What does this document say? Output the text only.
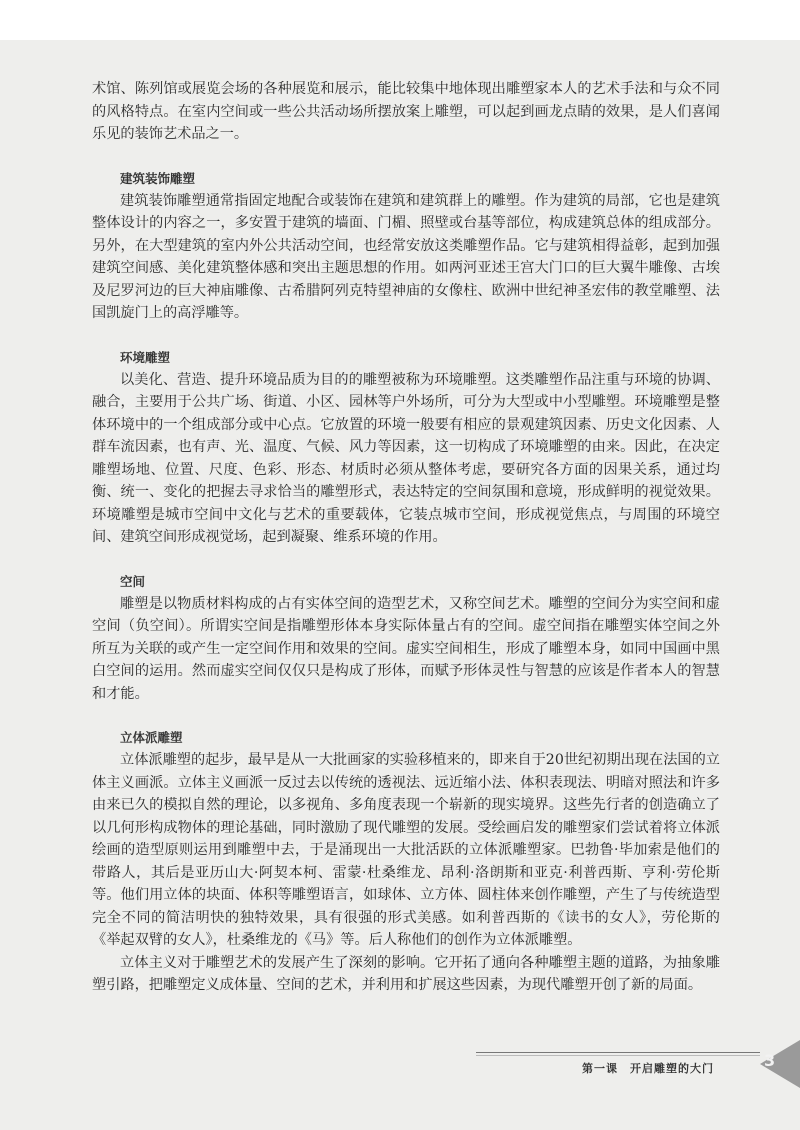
术馆、陈列馆或展览会场的各种展览和展示，能比较集中地体现出雕塑家本人的艺术手法和与众不同的风格特点。在室内空间或一些公共活动场所摆放案上雕塑，可以起到画龙点睛的效果，是人们喜闻乐见的装饰艺术品之一。

建筑装饰雕塑

建筑装饰雕塑通常指固定地配合或装饰在建筑和建筑群上的雕塑。作为建筑的局部，它也是建筑整体设计的内容之一，多安置于建筑的墙面、门楣、照壁或台基等部位，构成建筑总体的组成部分。另外，在大型建筑的室内外公共活动空间，也经常安放这类雕塑作品。它与建筑相得益彰，起到加强建筑空间感、美化建筑整体感和突出主题思想的作用。如两河亚述王宫大门口的巨大翼牛雕像、古埃及尼罗河边的巨大神庙雕像、古希腊阿列克特望神庙的女像柱、欧洲中世纪神圣宏伟的教堂雕塑、法国凯旋门上的高浮雕等。

环境雕塑

以美化、营造、提升环境品质为目的的雕塑被称为环境雕塑。这类雕塑作品注重与环境的协调、融合，主要用于公共广场、街道、小区、园林等户外场所，可分为大型或中小型雕塑。环境雕塑是整体环境中的一个组成部分或中心点。它放置的环境一般要有相应的景观建筑因素、历史文化因素、人群车流因素，也有声、光、温度、气候、风力等因素，这一切构成了环境雕塑的由来。因此，在决定雕塑场地、位置、尺度、色彩、形态、材质时必须从整体考虑，要研究各方面的因果关系，通过均衡、统一、变化的把握去寻求恰当的雕塑形式，表达特定的空间氛围和意境，形成鲜明的视觉效果。环境雕塑是城市空间中文化与艺术的重要载体，它装点城市空间，形成视觉焦点，与周围的环境空间、建筑空间形成视觉场，起到凝聚、维系环境的作用。

空间

雕塑是以物质材料构成的占有实体空间的造型艺术，又称空间艺术。雕塑的空间分为实空间和虚空间（负空间）。所谓实空间是指雕塑形体本身实际体量占有的空间。虚空间指在雕塑实体空间之外所互为关联的或产生一定空间作用和效果的空间。虚实空间相生，形成了雕塑本身，如同中国画中黑白空间的运用。然而虚实空间仅仅只是构成了形体，而赋予形体灵性与智慧的应该是作者本人的智慧和才能。

立体派雕塑

立体派雕塑的起步，最早是从一大批画家的实验移植来的，即来自于20世纪初期出现在法国的立体主义画派。立体主义画派一反过去以传统的透视法、远近缩小法、体积表现法、明暗对照法和许多由来已久的模拟自然的理论，以多视角、多角度表现一个崭新的现实境界。这些先行者的创造确立了以几何形构成物体的理论基础，同时激励了现代雕塑的发展。受绘画启发的雕塑家们尝试着将立体派绘画的造型原则运用到雕塑中去，于是涌现出一大批活跃的立体派雕塑家。巴勃鲁·毕加索是他们的带路人，其后是亚历山大·阿契本柯、雷蒙·杜桑维龙、昂利·洛朗斯和亚克·利普西斯、亨利·劳伦斯等。他们用立体的块面、体积等雕塑语言，如球体、立方体、圆柱体来创作雕塑，产生了与传统造型完全不同的简洁明快的独特效果，具有很强的形式美感。如利普西斯的《读书的女人》，劳伦斯的《举起双臂的女人》，杜桑维龙的《马》等。后人称他们的创作为立体派雕塑。

立体主义对于雕塑艺术的发展产生了深刻的影响。它开拓了通向各种雕塑主题的道路，为抽象雕塑引路，把雕塑定义成体量、空间的艺术，并利用和扩展这些因素，为现代雕塑开创了新的局面。

第一课　开启雕塑的大门	3
